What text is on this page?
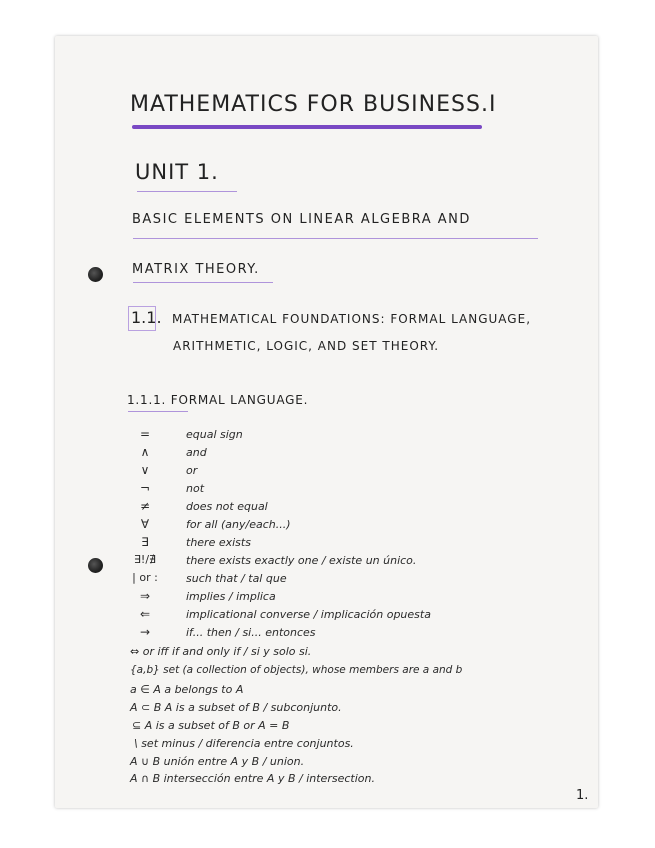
MATHEMATICS FOR BUSINESS.I
UNIT 1.
BASIC ELEMENTS ON LINEAR ALGEBRA AND
MATRIX THEORY.
1.1. MATHEMATICAL FOUNDATIONS: FORMAL LANGUAGE,
ARITHMETIC, LOGIC, AND SET THEORY.
1.1.1. FORMAL LANGUAGE.
=	equal sign
∧	and
∨	or
¬	not
≠	does not equal
∀	for all (any/each...)
∃	there exists
∃!/∄	there exists exactly one / existe un único.
| or :	such that / tal que
⇒	implies / implica
⇐	implicational converse / implicación opuesta
→	if... then / si... entonces
⇔ or iff if and only if / si y solo si.
{a,b} set (a collection of objects), whose members are a and b
a ∈ A a belongs to A
A ⊂ B A is a subset of B / subconjunto.
⊆ A is a subset of B or A = B
\ set minus / diferencia entre conjuntos.
A ∪ B unión entre A y B / union.
A ∩ B intersección entre A y B / intersection.
1.
